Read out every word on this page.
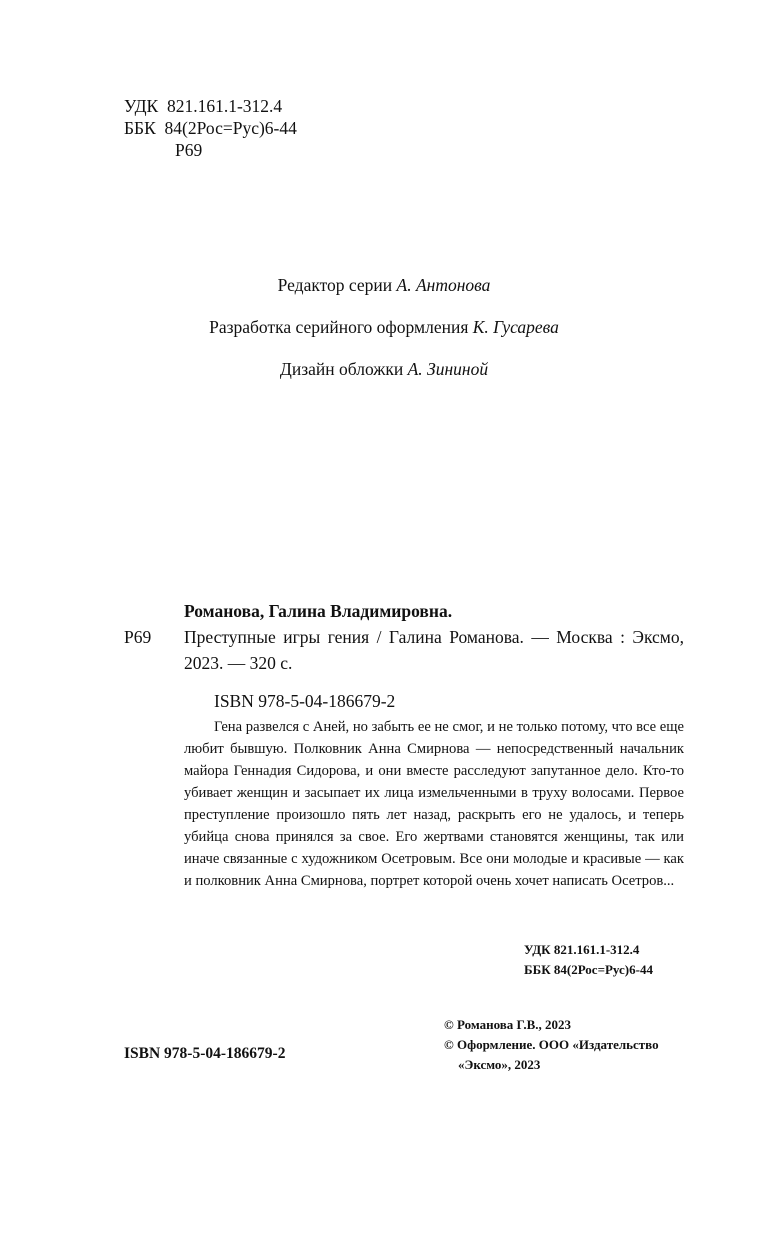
УДК  821.161.1-312.4
ББК  84(2Рос=Рус)6-44
Р69
Редактор серии А. Антонова
Разработка серийного оформления К. Гусарева
Дизайн обложки А. Зининой
Романова, Галина Владимировна.
Р69	Преступные игры гения / Галина Романова. — Москва : Эксмо, 2023. — 320 с.
ISBN 978-5-04-186679-2
Гена развелся с Аней, но забыть ее не смог, и не только потому, что все еще любит бывшую. Полковник Анна Смирнова — непосредственный начальник майора Геннадия Сидорова, и они вместе расследуют запутанное дело. Кто-то убивает женщин и засыпает их лица измельченными в труху волосами. Первое преступление произошло пять лет назад, раскрыть его не удалось, и теперь убийца снова принялся за свое. Его жертвами становятся женщины, так или иначе связанные с художником Осетровым. Все они молодые и красивые — как и полковник Анна Смирнова, портрет которой очень хочет написать Осетров...
УДК 821.161.1-312.4
ББК 84(2Рос=Рус)6-44
© Романова Г.В., 2023
© Оформление. ООО «Издательство
«Эксмо», 2023
ISBN 978-5-04-186679-2
